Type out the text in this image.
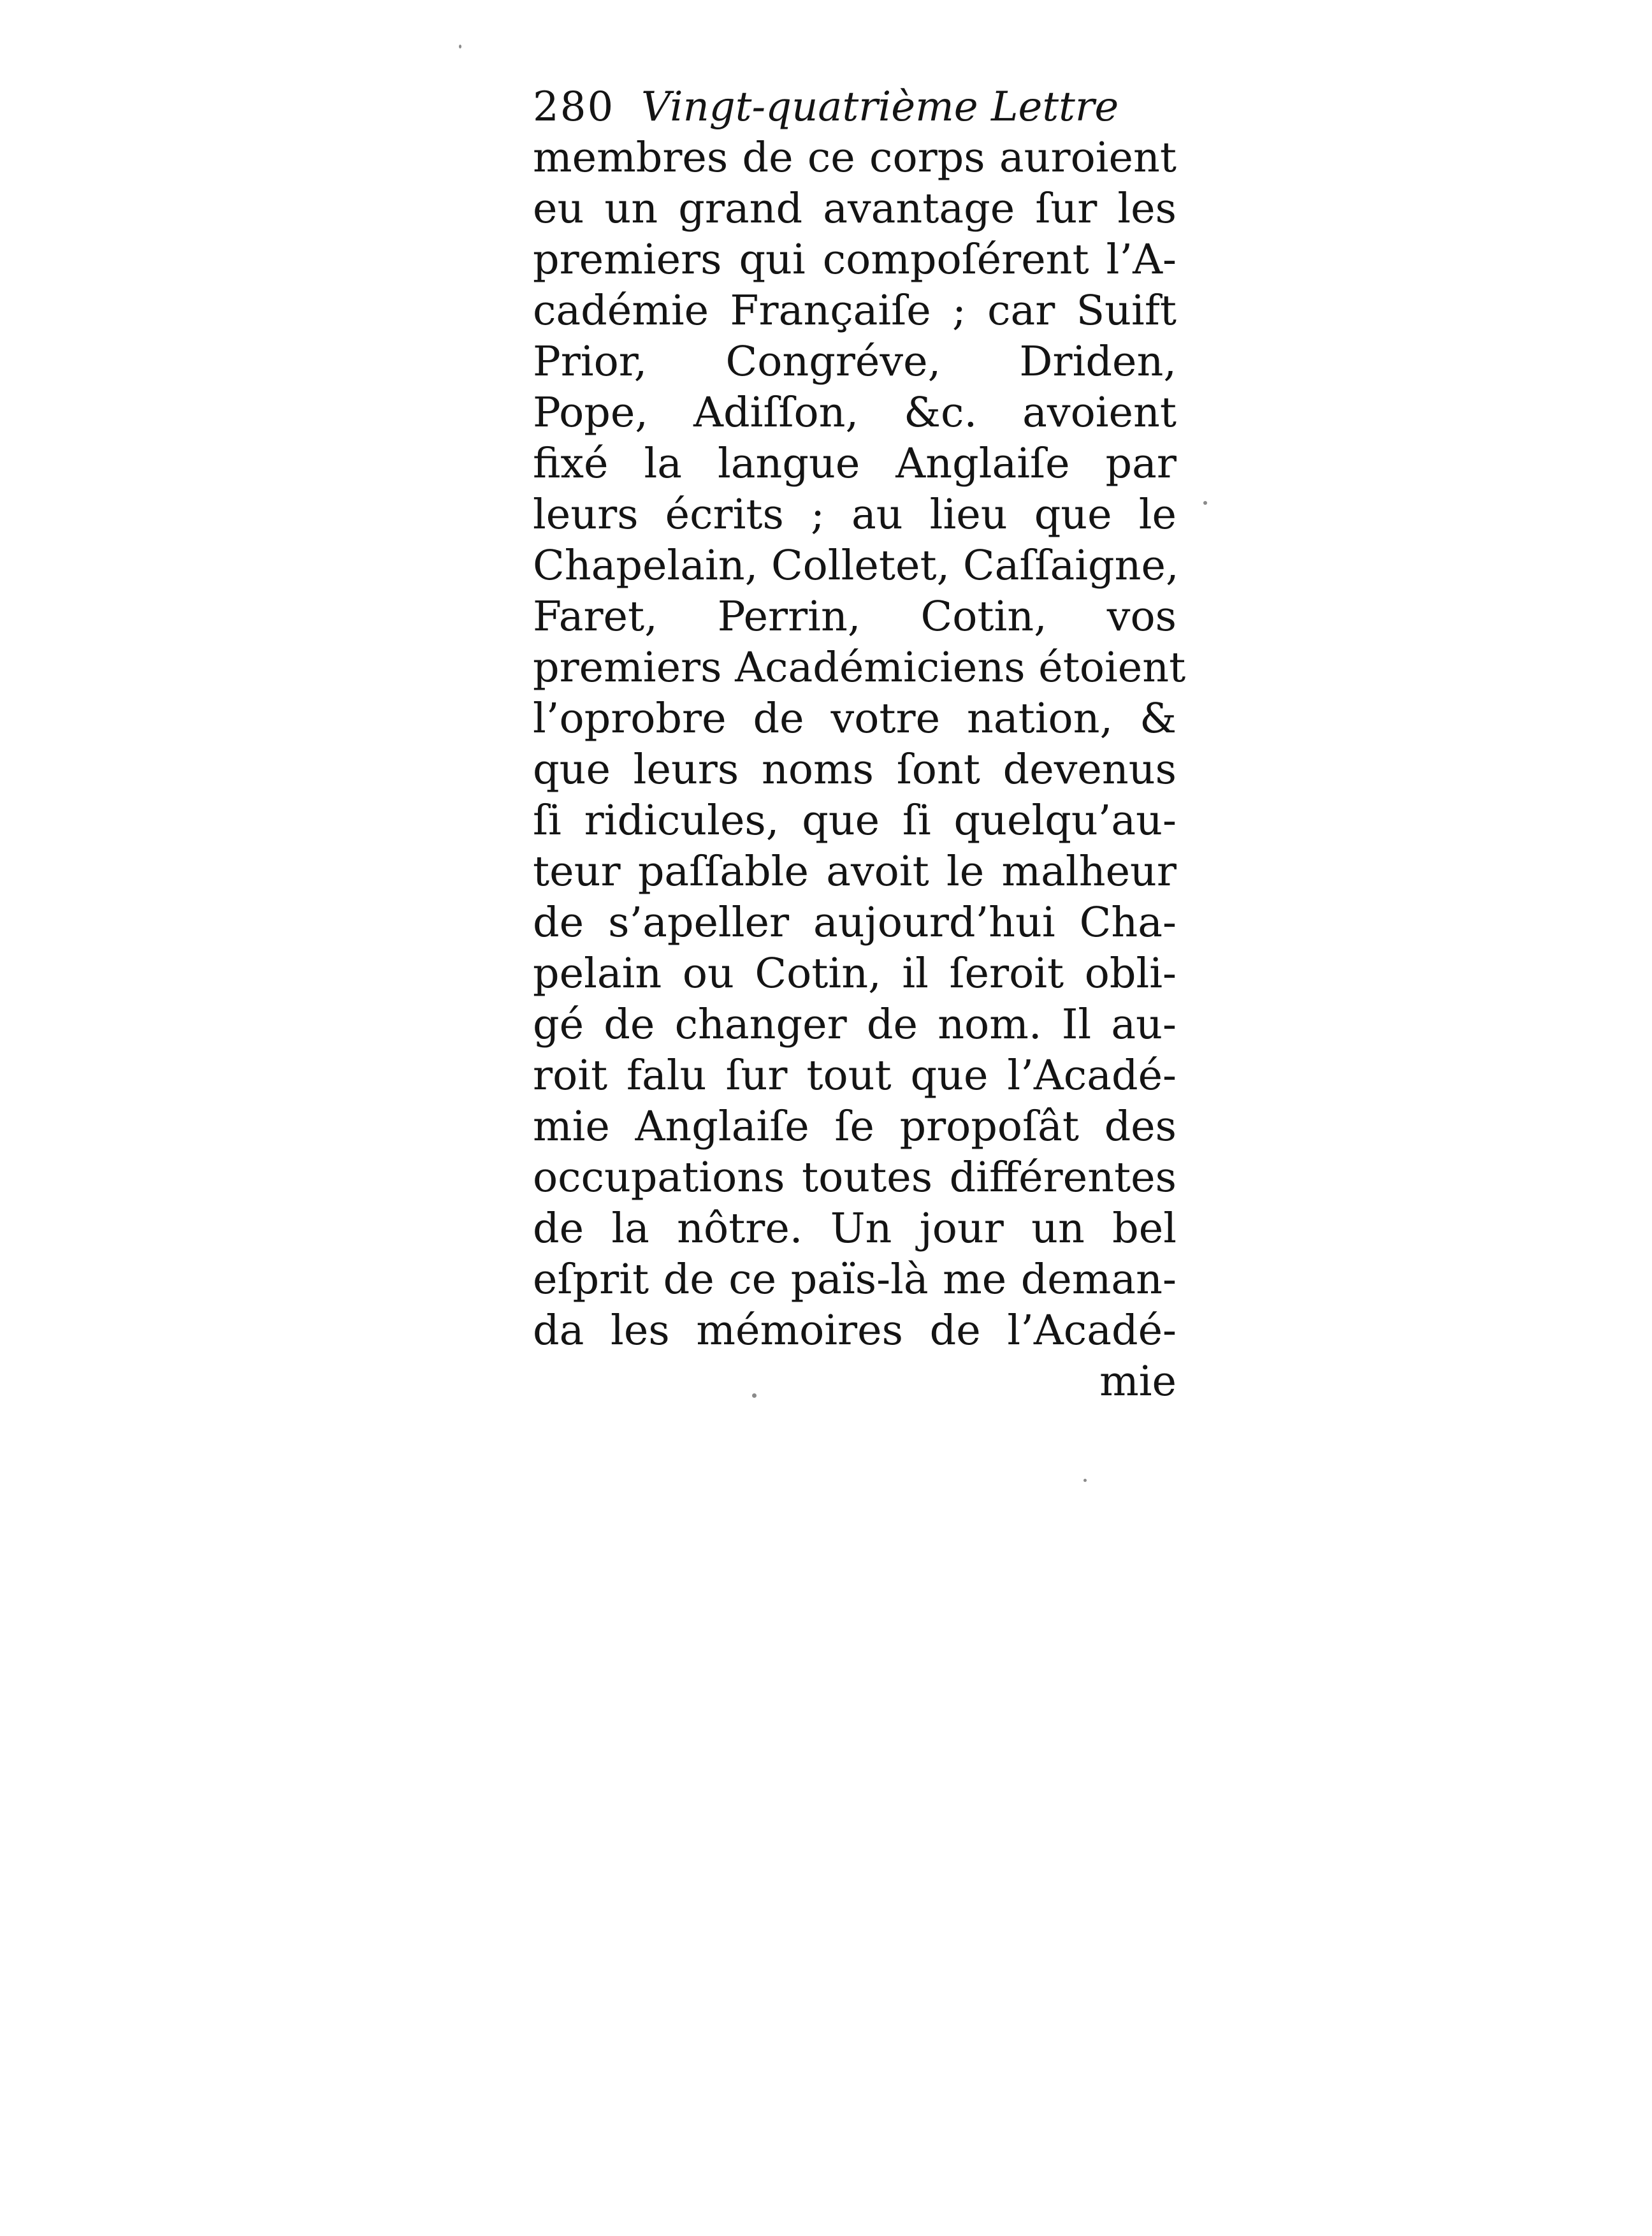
280 Vingt-quatrième Lettre
membres de ce corps auroient
eu un grand avantage ſur les
premiers qui compoſérent l’A-
cadémie Françaiſe ; car Suift
Prior, Congréve, Driden,
Pope, Adiſſon, &c. avoient
fixé la langue Anglaiſe par
leurs écrits ; au lieu que le
Chapelain, Colletet, Caſſaigne,
Faret, Perrin, Cotin, vos
premiers Académiciens étoient
l’oprobre de votre nation, &
que leurs noms ſont devenus
ſi ridicules, que ſi quelqu’au-
teur paſſable avoit le malheur
de s’apeller aujourd’hui Cha-
pelain ou Cotin, il ſeroit obli-
gé de changer de nom. Il au-
roit falu ſur tout que l’Acadé-
mie Anglaiſe ſe propoſât des
occupations toutes différentes
de la nôtre. Un jour un bel
eſprit de ce païs-là me deman-
da les mémoires de l’Acadé-
mie
